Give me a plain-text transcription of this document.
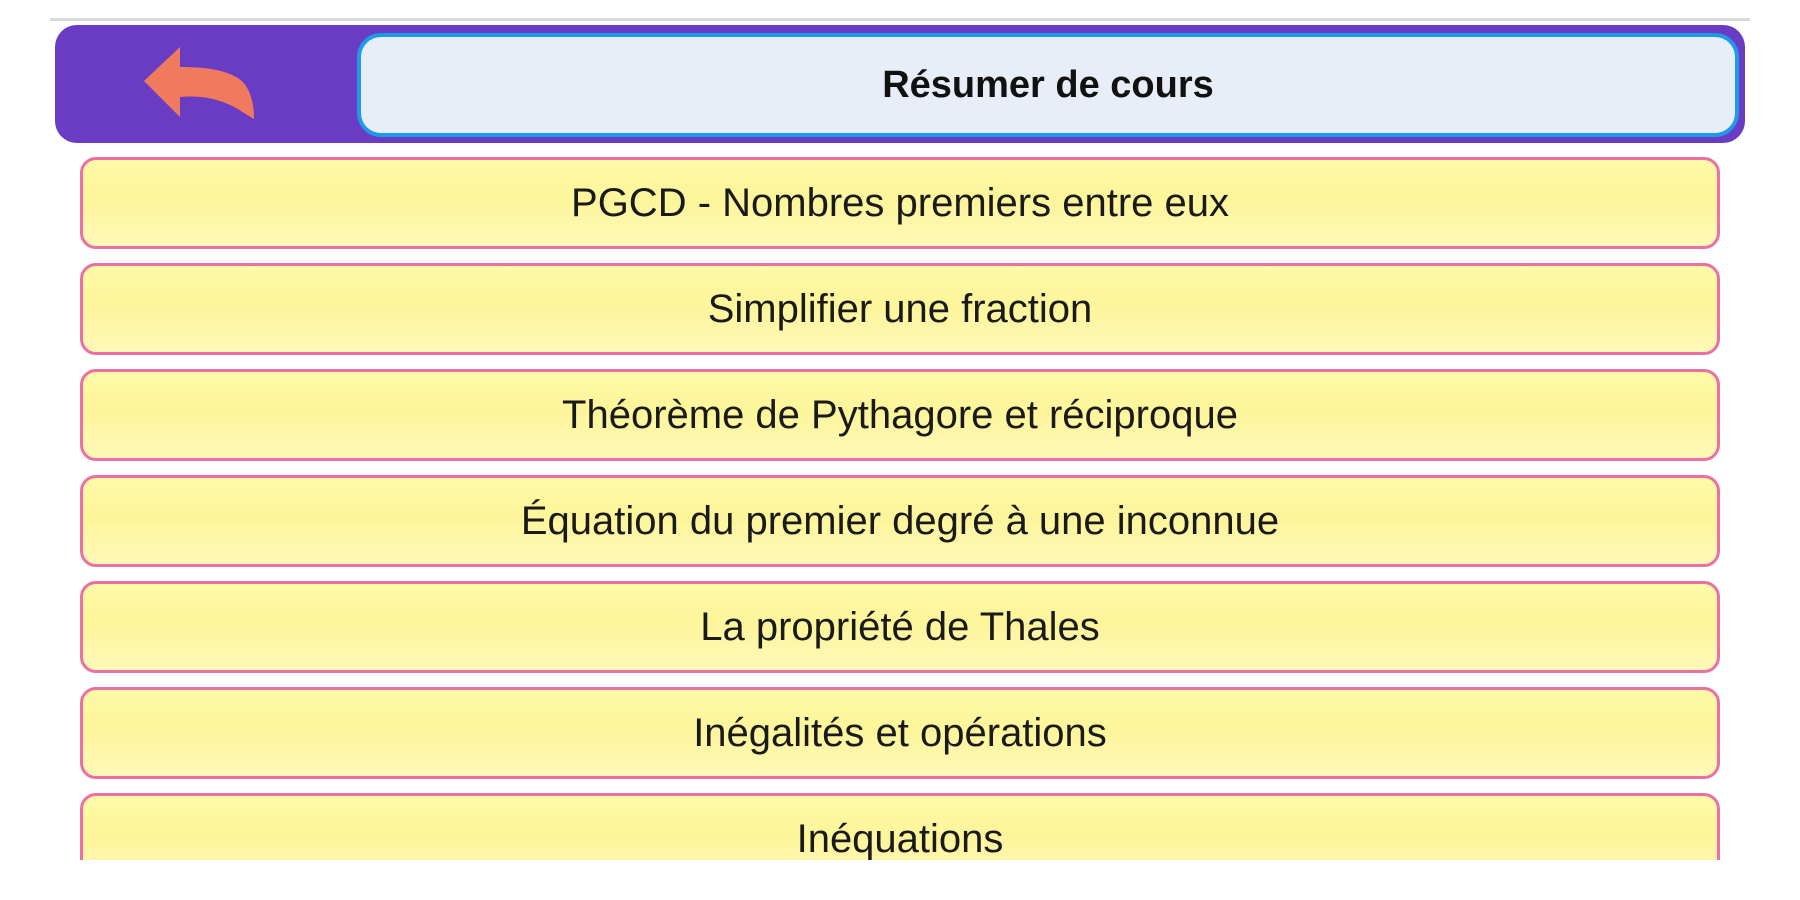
Résumer de cours
PGCD - Nombres premiers entre eux
Simplifier une fraction
Théorème de Pythagore et réciproque
Équation du premier degré à une inconnue
La propriété de Thales
Inégalités et opérations
Inéquations
